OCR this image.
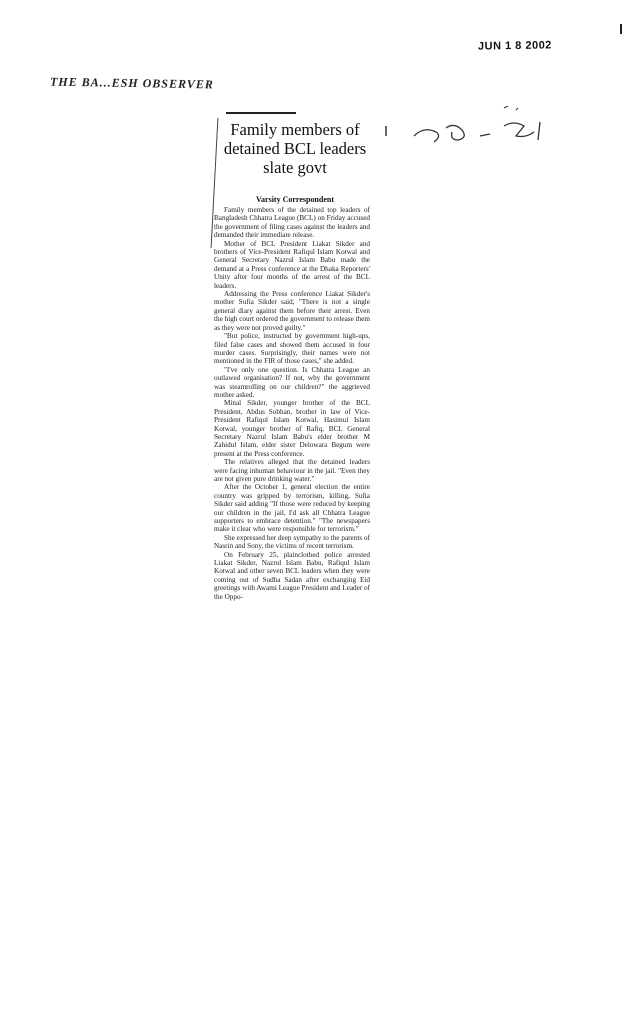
JUN 1 8 2002
THE BA...ESH OBSERVER
Family members of detained BCL leaders slate govt
Varsity Correspondent

Family members of the detained top leaders of Bangladesh Chhatra League (BCL) on Friday accused the government of filing cases against the leaders and demanded their immediate release.

Mother of BCL President Liakat Sikder and brothers of Vice-President Rafiqul Islam Kotwal and General Secretary Nazrul Islam Babu made the demand at a Press conference at the Dhaka Reporters' Unity after four months of the arrest of the BCL leaders.

Addressing the Press conference Liakat Sikder's mother Sufia Sikder said, "There is not a single general diary against them before their arrest. Even the high court ordered the government to release them as they were not proved guilty."

"But police, instructed by government high-ups, filed false cases and showed them accused in four murder cases. Surprisingly, their names were not mentioned in the FIR of those cases," she added.

"I've only one question. Is Chhatra League an outlawed organisation? If not, why the government was steamrolling on our children?" the aggrieved mother asked.

Minal Sikder, younger brother of the BCL President, Abdus Sobhan, brother in law of Vice-President Rafiqul Islam Kotwal, Hasimul Islam Kotwal, younger brother of Rafiq, BCL General Secretary Nazrul Islam Babu's elder brother M Zahidul Islam, elder sister Delowara Begum were present at the Press conference.

The relatives alleged that the detained leaders were facing inhuman behaviour in the jail. "Even they are not given pure drinking water."

After the October 1, general election the entire country was gripped by terrorism, killing, Sufia Sikder said adding "If those were reduced by keeping our children in the jail, I'd ask all Chhatra League supporters to embrace detention." "The newspapers make it clear who were responsible for terrorism."

She expressed her deep sympathy to the parents of Nasrin and Sony, the victims of recent terrorism.

On February 25, plainclothed police arrested Liakat Sikder, Nazrul Islam Babu, Rafiqul Islam Kotwal and other seven BCL leaders when they were coming out of Sudha Sadan after exchanging Eid greetings with Awami League President and Leader of the Oppo-
